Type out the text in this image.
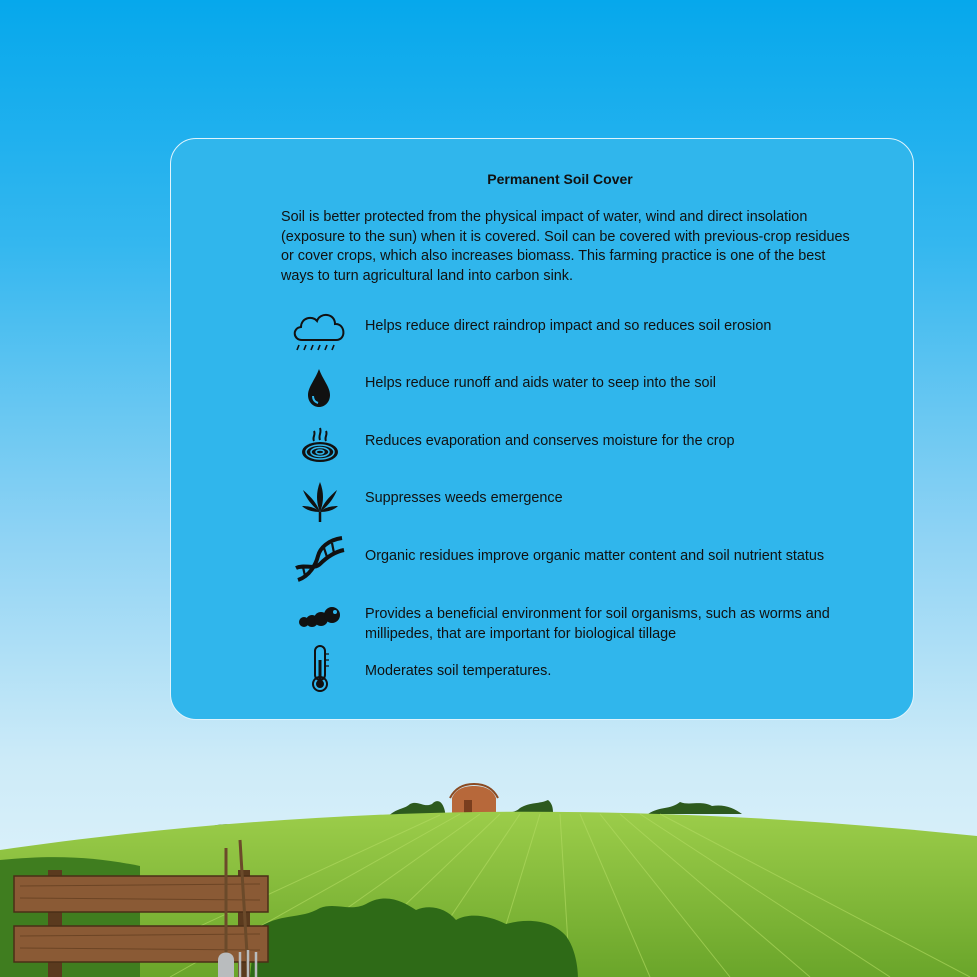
Permanent Soil Cover

Soil is better protected from the physical impact of water, wind and direct insolation (exposure to the sun) when it is covered. Soil can be covered with previous-crop residues or cover crops, which also increases biomass. This farming practice is one of the best ways to turn agricultural land into carbon sink.

Helps reduce direct raindrop impact and so reduces soil erosion

Helps reduce runoff and aids water to seep into the soil

Reduces evaporation and conserves moisture for the crop

Suppresses weeds emergence

Organic residues improve organic matter content and soil nutrient status

Provides a beneficial environment for soil organisms, such as worms and millipedes, that are important for biological tillage

Moderates soil temperatures.
